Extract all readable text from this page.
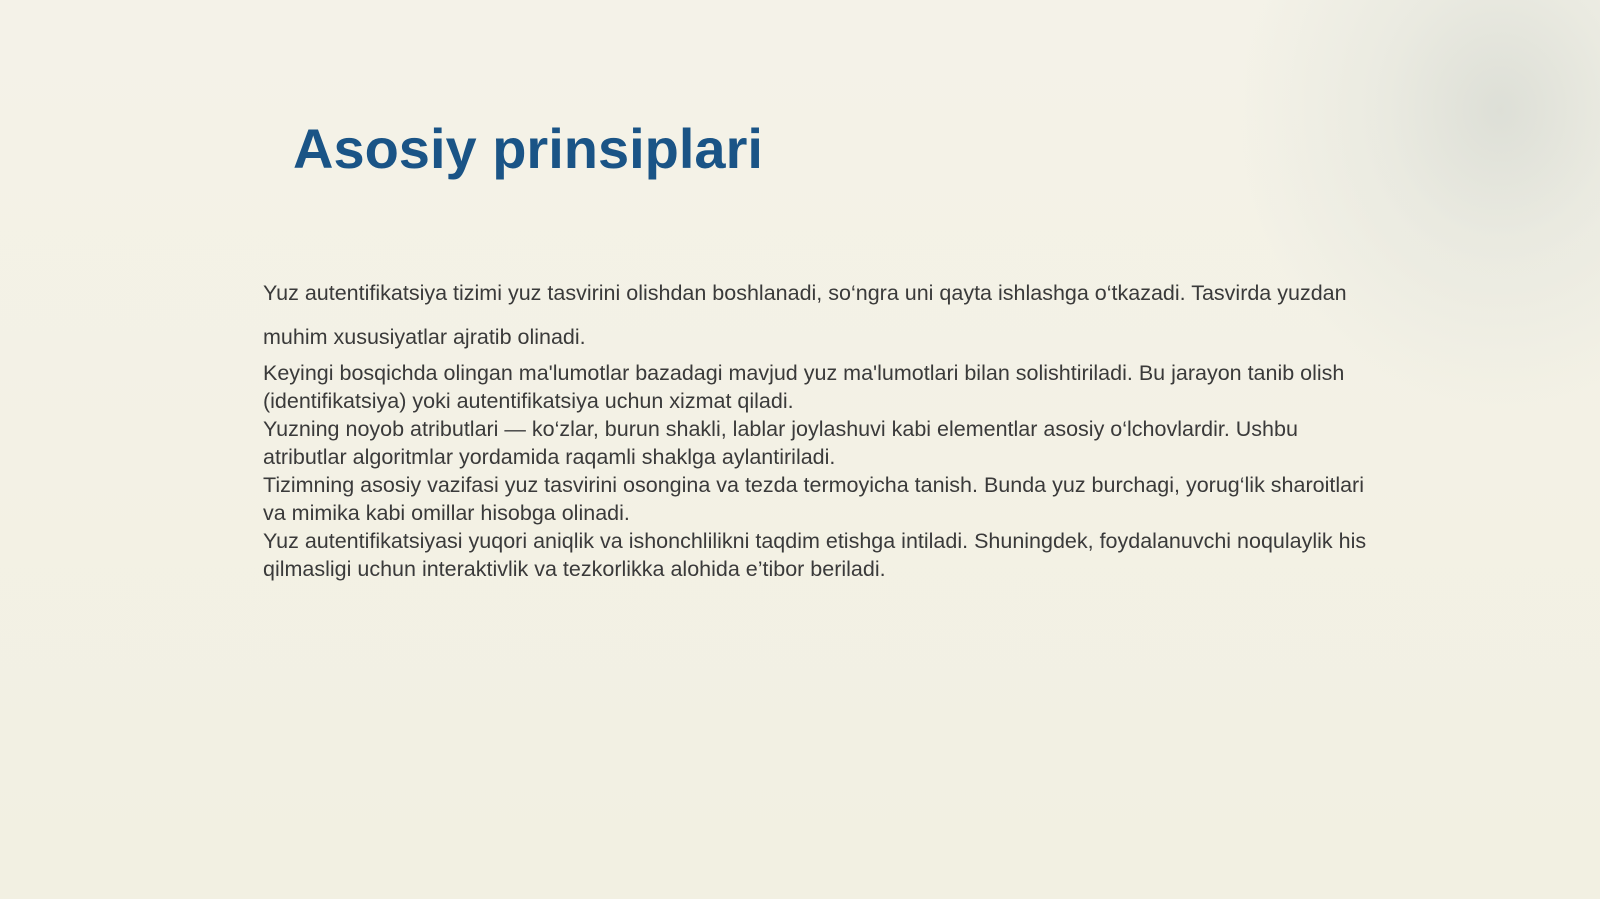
Asosiy prinsiplari

Yuz autentifikatsiya tizimi yuz tasvirini olishdan boshlanadi, so‘ngra uni qayta ishlashga o‘tkazadi. Tasvirda yuzdan muhim xususiyatlar ajratib olinadi.

Keyingi bosqichda olingan ma'lumotlar bazadagi mavjud yuz ma'lumotlari bilan solishtiriladi. Bu jarayon tanib olish (identifikatsiya) yoki autentifikatsiya uchun xizmat qiladi.

Yuzning noyob atributlari — ko‘zlar, burun shakli, lablar joylashuvi kabi elementlar asosiy o‘lchovlardir. Ushbu atributlar algoritmlar yordamida raqamli shaklga aylantiriladi.

Tizimning asosiy vazifasi yuz tasvirini osongina va tezda termoyicha tanish. Bunda yuz burchagi, yorug‘lik sharoitlari va mimika kabi omillar hisobga olinadi.

Yuz autentifikatsiyasi yuqori aniqlik va ishonchlilikni taqdim etishga intiladi. Shuningdek, foydalanuvchi noqulaylik his qilmasligi uchun interaktivlik va tezkorlikka alohida e’tibor beriladi.
